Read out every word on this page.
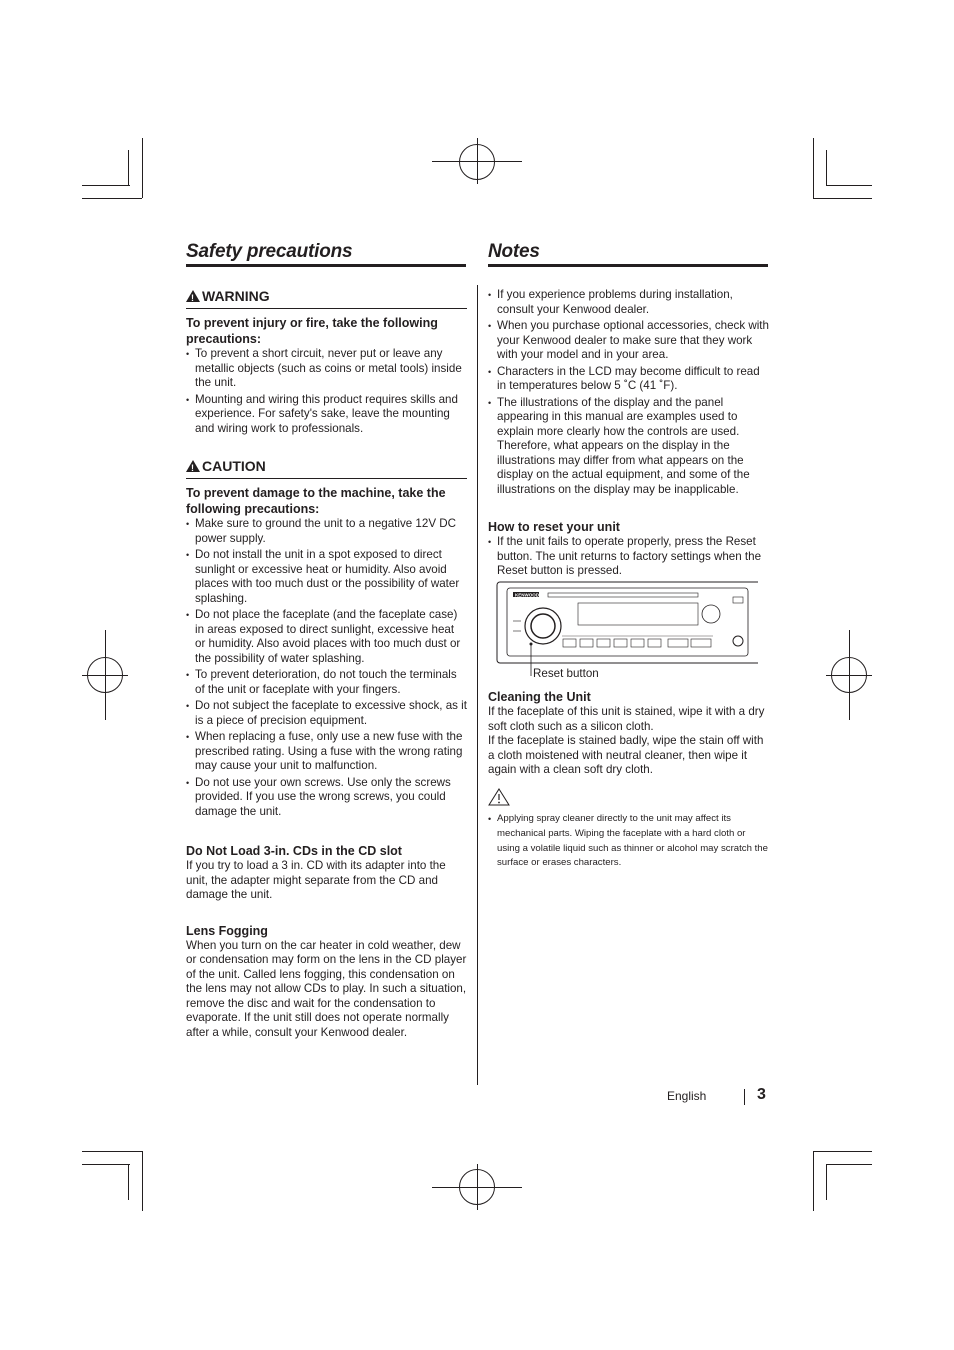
Safety precautions	Notes
!
WARNING
To prevent injury or fire, take the following precautions:
• To prevent a short circuit, never put or leave any metallic objects (such as coins or metal tools) inside the unit.
• Mounting and wiring this product requires skills and experience. For safety's sake, leave the mounting and wiring work to professionals.
!
CAUTION
To prevent damage to the machine, take the following precautions:
• Make sure to ground the unit to a negative 12V DC power supply.
• Do not install the unit in a spot exposed to direct sunlight or excessive heat or humidity. Also avoid places with too much dust or the possibility of water splashing.
• Do not place the faceplate (and the faceplate case) in areas exposed to direct sunlight, excessive heat or humidity. Also avoid places with too much dust or the possibility of water splashing.
• To prevent deterioration, do not touch the terminals of the unit or faceplate with your fingers.
• Do not subject the faceplate to excessive shock, as it is a piece of precision equipment.
• When replacing a fuse, only use a new fuse with the prescribed rating. Using a fuse with the wrong rating may cause your unit to malfunction.
• Do not use your own screws. Use only the screws provided. If you use the wrong screws, you could damage the unit.
Do Not Load 3-in. CDs in the CD slot

If you try to load a 3 in. CD with its adapter into the unit, the adapter might separate from the CD and damage the unit.

Lens Fogging

When you turn on the car heater in cold weather, dew or condensation may form on the lens in the CD player of the unit. Called lens fogging, this condensation on the lens may not allow CDs to play. In such a situation, remove the disc and wait for the condensation to evaporate. If the unit still does not operate normally after a while, consult your Kenwood dealer.

• If you experience problems during installation, consult your Kenwood dealer.
• When you purchase optional accessories, check with your Kenwood dealer to make sure that they work with your model and in your area.
• Characters in the LCD may become difficult to read in temperatures below 5 ˚C (41 ˚F).
• The illustrations of the display and the panel appearing in this manual are examples used to explain more clearly how the controls are used. Therefore, what appears on the display in the illustrations may differ from what appears on the display on the actual equipment, and some of the illustrations on the display may be inapplicable.
How to reset your unit
• If the unit fails to operate properly, press the Reset button. The unit returns to factory settings when the Reset button is pressed.
KENWOOD
Reset button
Cleaning the Unit

If the faceplate of this unit is stained, wipe it with a dry soft cloth such as a silicon cloth.

If the faceplate is stained badly, wipe the stain off with a cloth moistened with neutral cleaner, then wipe it again with a clean soft dry cloth.

• Applying spray cleaner directly to the unit may affect its mechanical parts. Wiping the faceplate with a hard cloth or using a volatile liquid such as thinner or alcohol may scratch the surface or erases characters.
English	3
